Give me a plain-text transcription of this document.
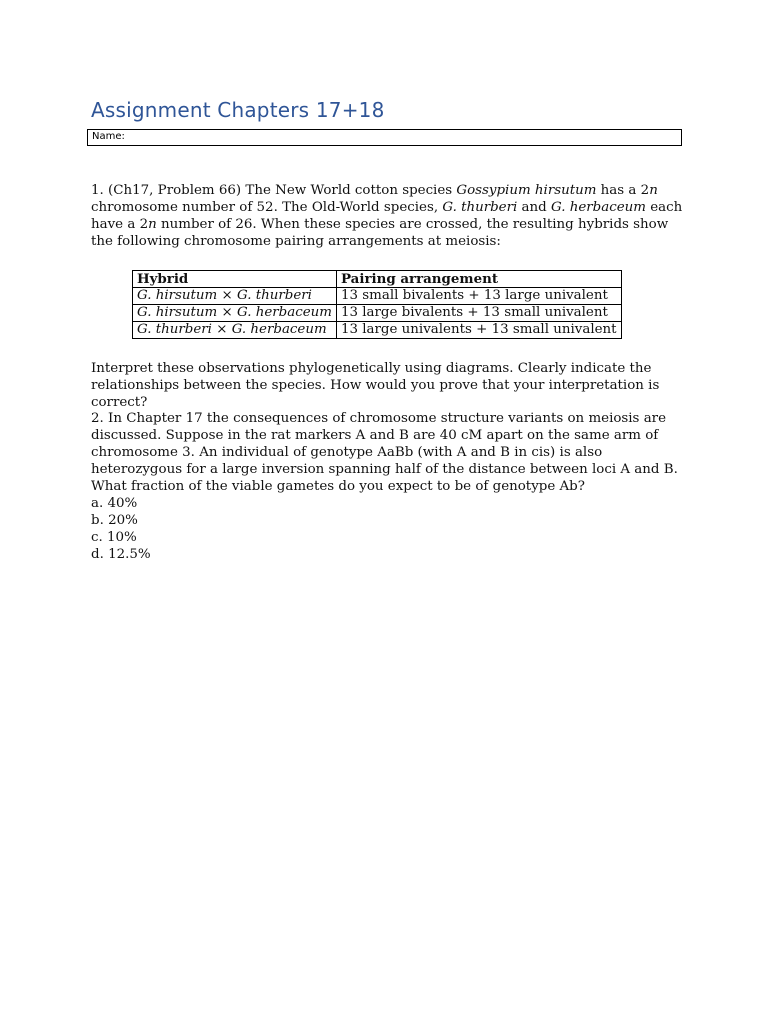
Assignment Chapters 17+18
Name:

1. (Ch17, Problem 66) The New World cotton species Gossypium hirsutum has a 2n chromosome number of 52. The Old-World species, G. thurberi and G. herbaceum each have a 2n number of 26. When these species are crossed, the resulting hybrids show the following chromosome pairing arrangements at meiosis:

Hybrid	Pairing arrangement
G. hirsutum × G. thurberi	13 small bivalents + 13 large univalent
G. hirsutum × G. herbaceum	13 large bivalents + 13 small univalent
G. thurberi × G. herbaceum	13 large univalents + 13 small univalent

Interpret these observations phylogenetically using diagrams. Clearly indicate the relationships between the species. How would you prove that your interpretation is correct?

2. In Chapter 17 the consequences of chromosome structure variants on meiosis are discussed. Suppose in the rat markers A and B are 40 cM apart on the same arm of chromosome 3. An individual of genotype AaBb (with A and B in cis) is also heterozygous for a large inversion spanning half of the distance between loci A and B. What fraction of the viable gametes do you expect to be of genotype Ab?

a. 40%

b. 20%

c. 10%

d. 12.5%
